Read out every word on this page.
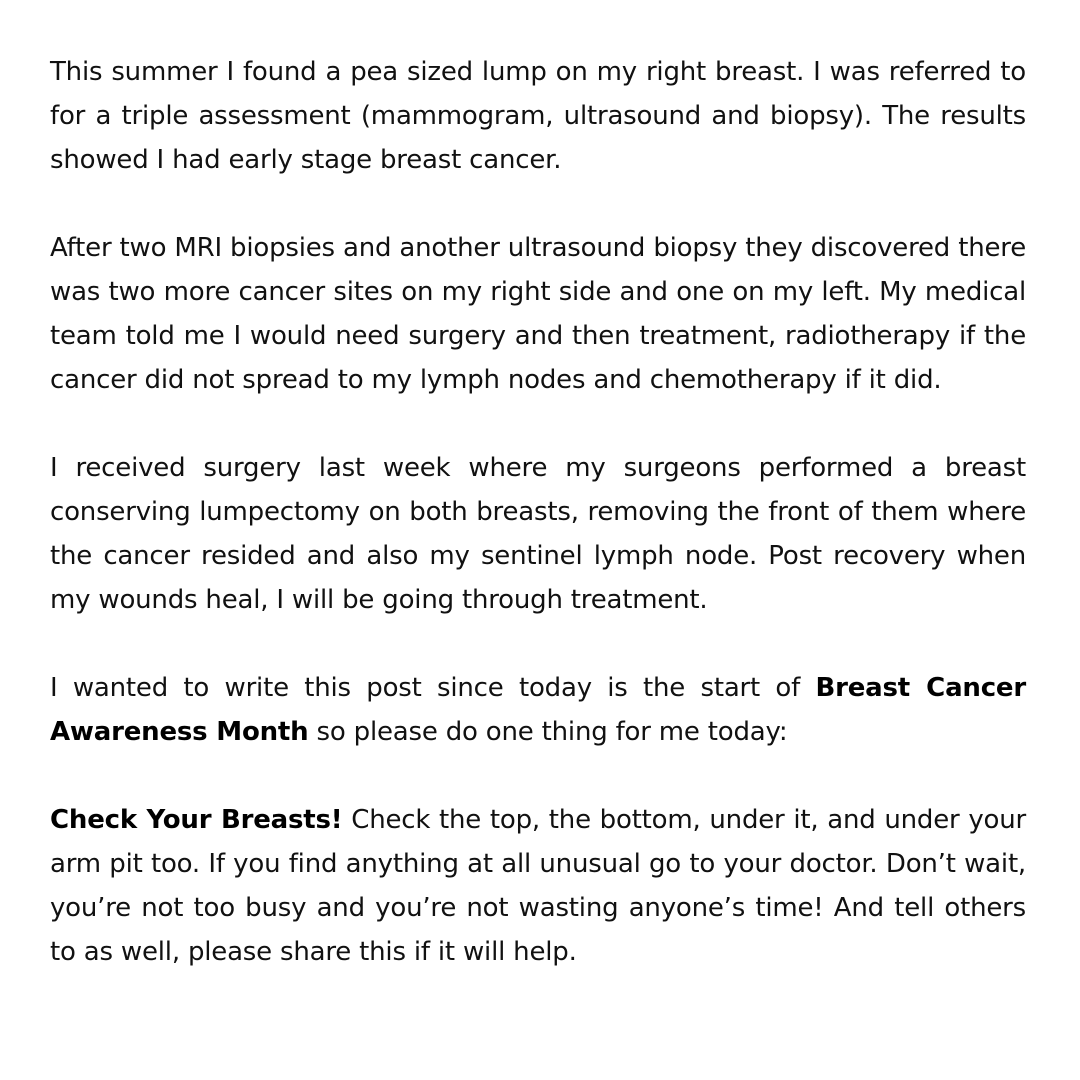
This summer I found a pea sized lump on my right breast. I was referred to for a triple assessment (mammogram, ultrasound and biopsy). The results showed I had early stage breast cancer.

After two MRI biopsies and another ultrasound biopsy they discovered there was two more cancer sites on my right side and one on my left. My medical team told me I would need surgery and then treatment, radiotherapy if the cancer did not spread to my lymph nodes and chemotherapy if it did.

I received surgery last week where my surgeons performed a breast conserving lumpectomy on both breasts, removing the front of them where the cancer resided and also my sentinel lymph node. Post recovery when my wounds heal, I will be going through treatment.

I wanted to write this post since today is the start of Breast Cancer Awareness Month so please do one thing for me today:

Check Your Breasts! Check the top, the bottom, under it, and under your arm pit too. If you find anything at all unusual go to your doctor. Don’t wait, you’re not too busy and you’re not wasting anyone’s time! And tell others to as well, please share this if it will help.
